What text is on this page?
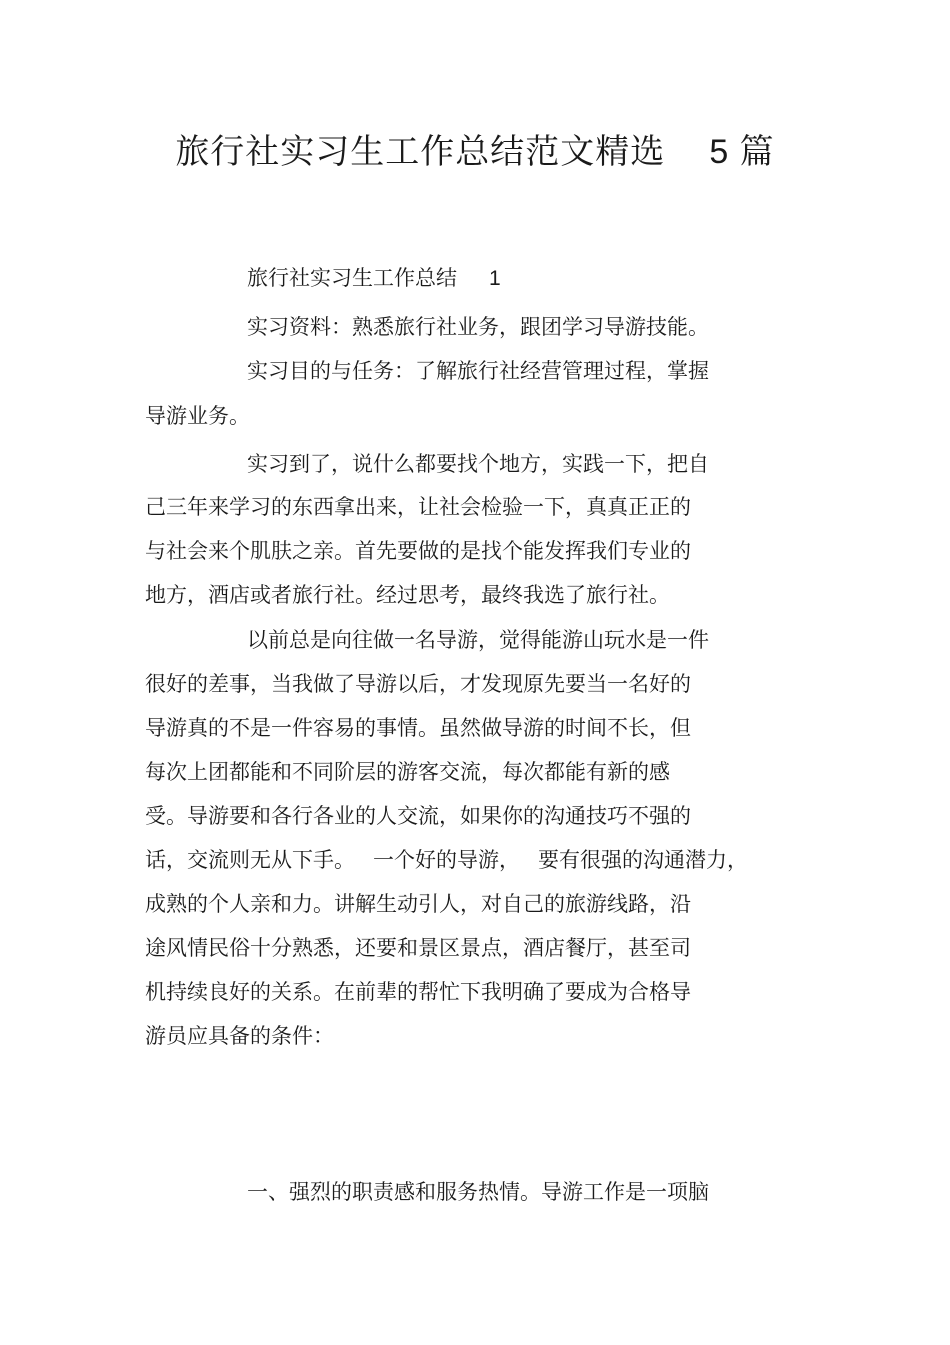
旅行社实习生工作总结范文精选 5 篇
旅行社实习生工作总结 1
实习资料：熟悉旅行社业务，跟团学习导游技能。
实习目的与任务：了解旅行社经营管理过程，掌握
导游业务。
实习到了，说什么都要找个地方，实践一下，把自
己三年来学习的东西拿出来，让社会检验一下，真真正正的
与社会来个肌肤之亲。首先要做的是找个能发挥我们专业的
地方，酒店或者旅行社。经过思考，最终我选了旅行社。
以前总是向往做一名导游，觉得能游山玩水是一件
很好的差事，当我做了导游以后，才发现原先要当一名好的
导游真的不是一件容易的事情。虽然做导游的时间不长，但
每次上团都能和不同阶层的游客交流，每次都能有新的感
受。导游要和各行各业的人交流，如果你的沟通技巧不强的
话，交流则无从下手。 一个好的导游， 要有很强的沟通潜力，
成熟的个人亲和力。讲解生动引人，对自己的旅游线路，沿
途风情民俗十分熟悉，还要和景区景点，酒店餐厅，甚至司
机持续良好的关系。在前辈的帮忙下我明确了要成为合格导
游员应具备的条件：
一、强烈的职责感和服务热情。导游工作是一项脑
